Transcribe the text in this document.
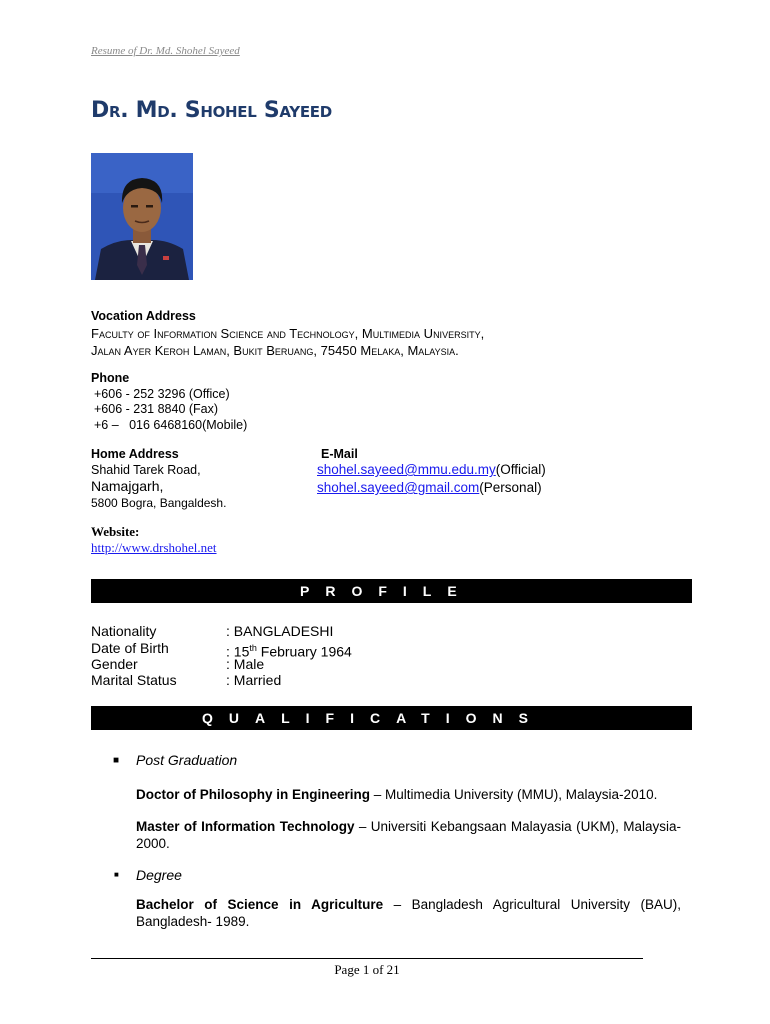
Resume of Dr. Md. Shohel Sayeed
Dr. Md. Shohel Sayeed
Vocation Address
Faculty of Information Science and Technology, Multimedia University,
Jalan Ayer Keroh Laman, Bukit Beruang, 75450 Melaka, Malaysia.
Phone
+606 - 252 3296 (Office)
+606 - 231 8840 (Fax)
+6 –   016 6468160(Mobile)
Home Address
Shahid Tarek Road,
Namajgarh,
5800 Bogra, Bangaldesh.
E-Mail
shohel.sayeed@mmu.edu.my(Official)
shohel.sayeed@gmail.com(Personal)
Website:
http://www.drshohel.net
PROFILE
Nationality	: BANGLADESHI
Date of Birth	: 15th February 1964
Gender	: Male
Marital Status	: Married
QUALIFICATIONS
■ Post Graduation
Doctor of Philosophy in Engineering – Multimedia University (MMU), Malaysia-2010.
Master of Information Technology – Universiti Kebangsaan Malayasia (UKM), Malaysia-2000.
■ Degree
Bachelor of Science in Agriculture – Bangladesh Agricultural University (BAU), Bangladesh- 1989.
Page 1 of 21
